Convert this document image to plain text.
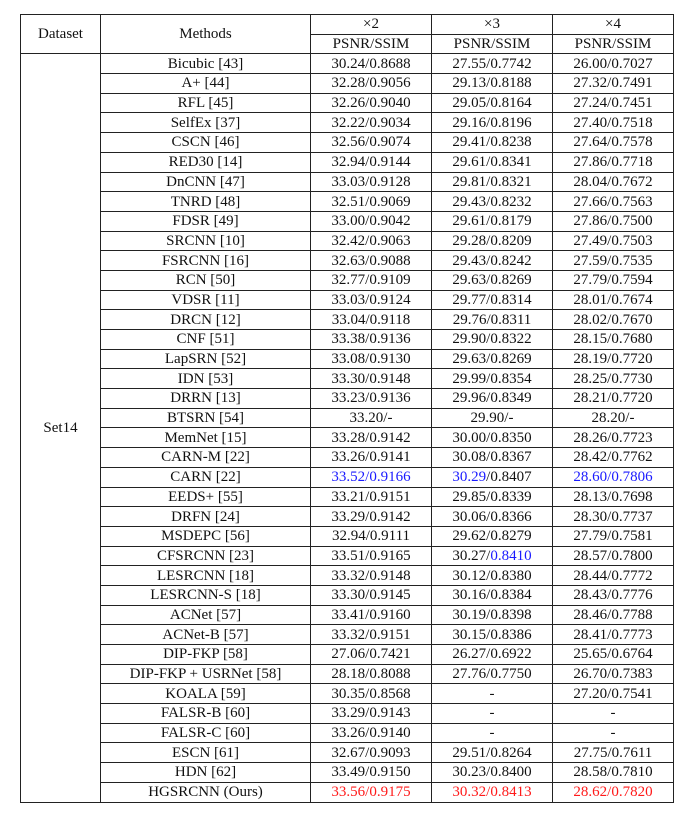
Dataset	Methods	×2	×3	×4
		PSNR/SSIM	PSNR/SSIM	PSNR/SSIM
Set14	Bicubic [43]	30.24/0.8688	27.55/0.7742	26.00/0.7027
	A+ [44]	32.28/0.9056	29.13/0.8188	27.32/0.7491
	RFL [45]	32.26/0.9040	29.05/0.8164	27.24/0.7451
	SelfEx [37]	32.22/0.9034	29.16/0.8196	27.40/0.7518
	CSCN [46]	32.56/0.9074	29.41/0.8238	27.64/0.7578
	RED30 [14]	32.94/0.9144	29.61/0.8341	27.86/0.7718
	DnCNN [47]	33.03/0.9128	29.81/0.8321	28.04/0.7672
	TNRD [48]	32.51/0.9069	29.43/0.8232	27.66/0.7563
	FDSR [49]	33.00/0.9042	29.61/0.8179	27.86/0.7500
	SRCNN [10]	32.42/0.9063	29.28/0.8209	27.49/0.7503
	FSRCNN [16]	32.63/0.9088	29.43/0.8242	27.59/0.7535
	RCN [50]	32.77/0.9109	29.63/0.8269	27.79/0.7594
	VDSR [11]	33.03/0.9124	29.77/0.8314	28.01/0.7674
	DRCN [12]	33.04/0.9118	29.76/0.8311	28.02/0.7670
	CNF [51]	33.38/0.9136	29.90/0.8322	28.15/0.7680
	LapSRN [52]	33.08/0.9130	29.63/0.8269	28.19/0.7720
	IDN [53]	33.30/0.9148	29.99/0.8354	28.25/0.7730
	DRRN [13]	33.23/0.9136	29.96/0.8349	28.21/0.7720
	BTSRN [54]	33.20/-	29.90/-	28.20/-
	MemNet [15]	33.28/0.9142	30.00/0.8350	28.26/0.7723
	CARN-M [22]	33.26/0.9141	30.08/0.8367	28.42/0.7762
	CARN [22]	33.52/0.9166	30.29/0.8407	28.60/0.7806
	EEDS+ [55]	33.21/0.9151	29.85/0.8339	28.13/0.7698
	DRFN [24]	33.29/0.9142	30.06/0.8366	28.30/0.7737
	MSDEPC [56]	32.94/0.9111	29.62/0.8279	27.79/0.7581
	CFSRCNN [23]	33.51/0.9165	30.27/0.8410	28.57/0.7800
	LESRCNN [18]	33.32/0.9148	30.12/0.8380	28.44/0.7772
	LESRCNN-S [18]	33.30/0.9145	30.16/0.8384	28.43/0.7776
	ACNet [57]	33.41/0.9160	30.19/0.8398	28.46/0.7788
	ACNet-B [57]	33.32/0.9151	30.15/0.8386	28.41/0.7773
	DIP-FKP [58]	27.06/0.7421	26.27/0.6922	25.65/0.6764
	DIP-FKP + USRNet [58]	28.18/0.8088	27.76/0.7750	26.70/0.7383
	KOALA [59]	30.35/0.8568	-	27.20/0.7541
	FALSR-B [60]	33.29/0.9143	-	-
	FALSR-C [60]	33.26/0.9140	-	-
	ESCN [61]	32.67/0.9093	29.51/0.8264	27.75/0.7611
	HDN [62]	33.49/0.9150	30.23/0.8400	28.58/0.7810
	HGSRCNN (Ours)	33.56/0.9175	30.32/0.8413	28.62/0.7820
